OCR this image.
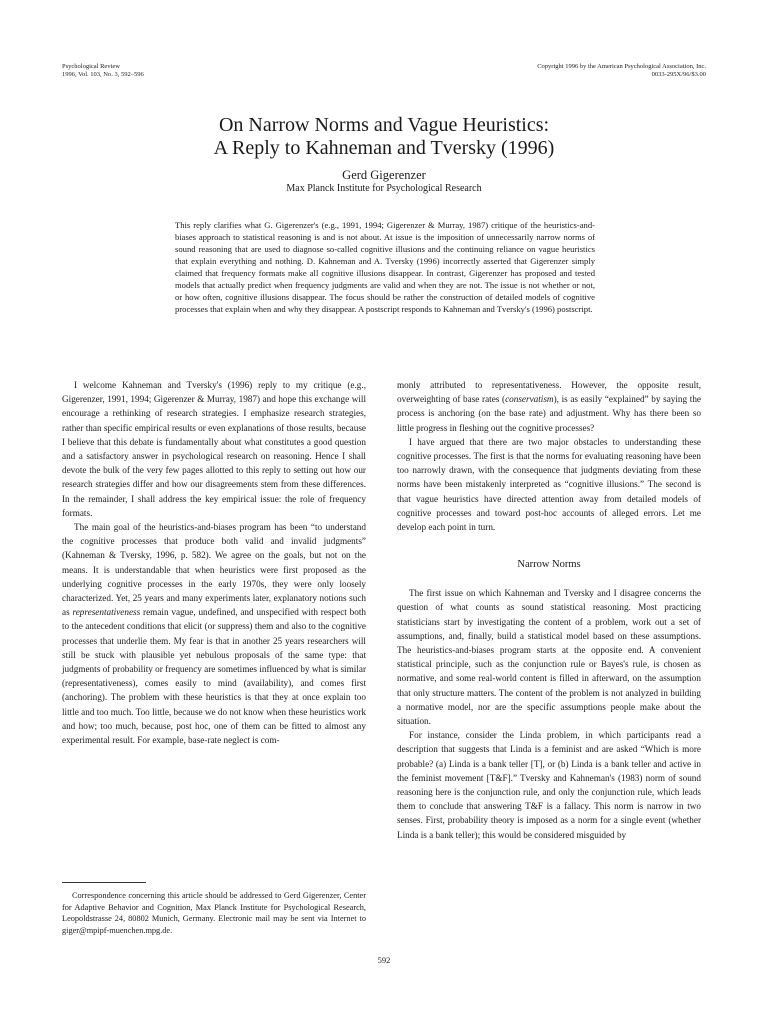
Psychological Review
1996, Vol. 103, No. 3, 592–596
Copyright 1996 by the American Psychological Association, Inc.
0033-295X/96/$3.00
On Narrow Norms and Vague Heuristics:
A Reply to Kahneman and Tversky (1996)
Gerd Gigerenzer
Max Planck Institute for Psychological Research

This reply clarifies what G. Gigerenzer's (e.g., 1991, 1994; Gigerenzer & Murray, 1987) critique of the heuristics-and-biases approach to statistical reasoning is and is not about. At issue is the imposition of unnecessarily narrow norms of sound reasoning that are used to diagnose so-called cognitive illusions and the continuing reliance on vague heuristics that explain everything and nothing. D. Kahneman and A. Tversky (1996) incorrectly asserted that Gigerenzer simply claimed that frequency formats make all cognitive illusions disappear. In contrast, Gigerenzer has proposed and tested models that actually predict when frequency judgments are valid and when they are not. The issue is not whether or not, or how often, cognitive illusions disappear. The focus should be rather the construction of detailed models of cognitive processes that explain when and why they disappear. A postscript responds to Kahneman and Tversky's (1996) postscript.

I welcome Kahneman and Tversky's (1996) reply to my critique (e.g., Gigerenzer, 1991, 1994; Gigerenzer & Murray, 1987) and hope this exchange will encourage a rethinking of research strategies. I emphasize research strategies, rather than specific empirical results or even explanations of those results, because I believe that this debate is fundamentally about what constitutes a good question and a satisfactory answer in psychological research on reasoning. Hence I shall devote the bulk of the very few pages allotted to this reply to setting out how our research strategies differ and how our disagreements stem from these differences. In the remainder, I shall address the key empirical issue: the role of frequency formats.

The main goal of the heuristics-and-biases program has been “to understand the cognitive processes that produce both valid and invalid judgments” (Kahneman & Tversky, 1996, p. 582). We agree on the goals, but not on the means. It is understandable that when heuristics were first proposed as the underlying cognitive processes in the early 1970s, they were only loosely characterized. Yet, 25 years and many experiments later, explanatory notions such as representativeness remain vague, undefined, and unspecified with respect both to the antecedent conditions that elicit (or suppress) them and also to the cognitive processes that underlie them. My fear is that in another 25 years researchers will still be stuck with plausible yet nebulous proposals of the same type: that judgments of probability or frequency are sometimes influenced by what is similar (representativeness), comes easily to mind (availability), and comes first (anchoring). The problem with these heuristics is that they at once explain too little and too much. Too little, because we do not know when these heuristics work and how; too much, because, post hoc, one of them can be fitted to almost any experimental result. For example, base-rate neglect is com-

monly attributed to representativeness. However, the opposite result, overweighting of base rates (conservatism), is as easily “explained” by saying the process is anchoring (on the base rate) and adjustment. Why has there been so little progress in fleshing out the cognitive processes?

I have argued that there are two major obstacles to understanding these cognitive processes. The first is that the norms for evaluating reasoning have been too narrowly drawn, with the consequence that judgments deviating from these norms have been mistakenly interpreted as “cognitive illusions.” The second is that vague heuristics have directed attention away from detailed models of cognitive processes and toward post-hoc accounts of alleged errors. Let me develop each point in turn.

Narrow Norms

The first issue on which Kahneman and Tversky and I disagree concerns the question of what counts as sound statistical reasoning. Most practicing statisticians start by investigating the content of a problem, work out a set of assumptions, and, finally, build a statistical model based on these assumptions. The heuristics-and-biases program starts at the opposite end. A convenient statistical principle, such as the conjunction rule or Bayes's rule, is chosen as normative, and some real-world content is filled in afterward, on the assumption that only structure matters. The content of the problem is not analyzed in building a normative model, nor are the specific assumptions people make about the situation.

For instance, consider the Linda problem, in which participants read a description that suggests that Linda is a feminist and are asked “Which is more probable? (a) Linda is a bank teller [T], or (b) Linda is a bank teller and active in the feminist movement [T&F].” Tversky and Kahneman's (1983) norm of sound reasoning here is the conjunction rule, and only the conjunction rule, which leads them to conclude that answering T&F is a fallacy. This norm is narrow in two senses. First, probability theory is imposed as a norm for a single event (whether Linda is a bank teller); this would be considered misguided by

Correspondence concerning this article should be addressed to Gerd Gigerenzer, Center for Adaptive Behavior and Cognition, Max Planck Institute for Psychological Research, Leopoldstrasse 24, 80802 Munich, Germany. Electronic mail may be sent via Internet to giger@mpipf-muenchen.mpg.de.

592
